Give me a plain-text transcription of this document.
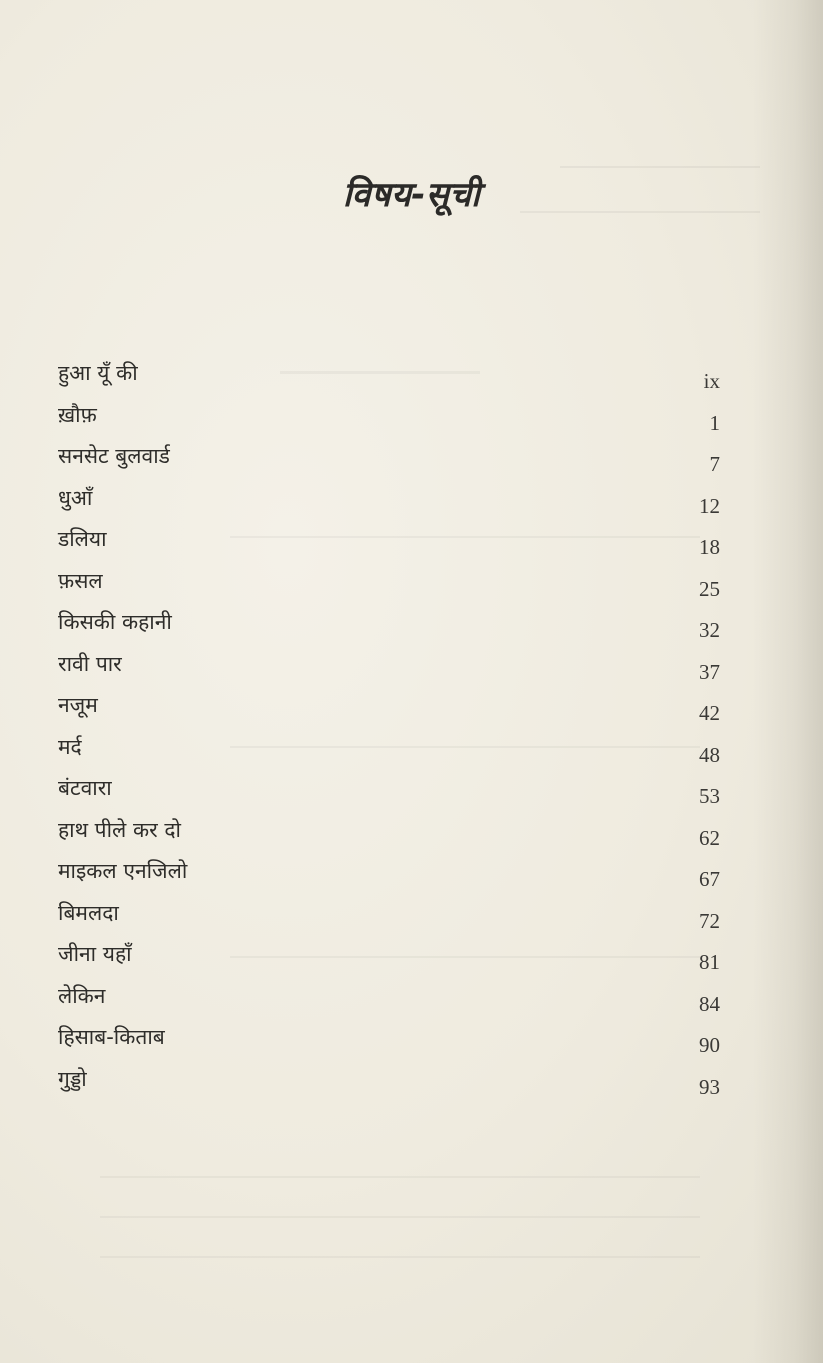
विषय-सूची
हुआ यूँ की	ix
ख़ौफ़	1
सनसेट बुलवार्ड	7
धुआँ	12
डलिया	18
फ़सल	25
किसकी कहानी	32
रावी पार	37
नजूम	42
मर्द	48
बंटवारा	53
हाथ पीले कर दो	62
माइकल एनजिलो	67
बिमलदा	72
जीना यहाँ	81
लेकिन	84
हिसाब-किताब	90
गुड्डो	93
